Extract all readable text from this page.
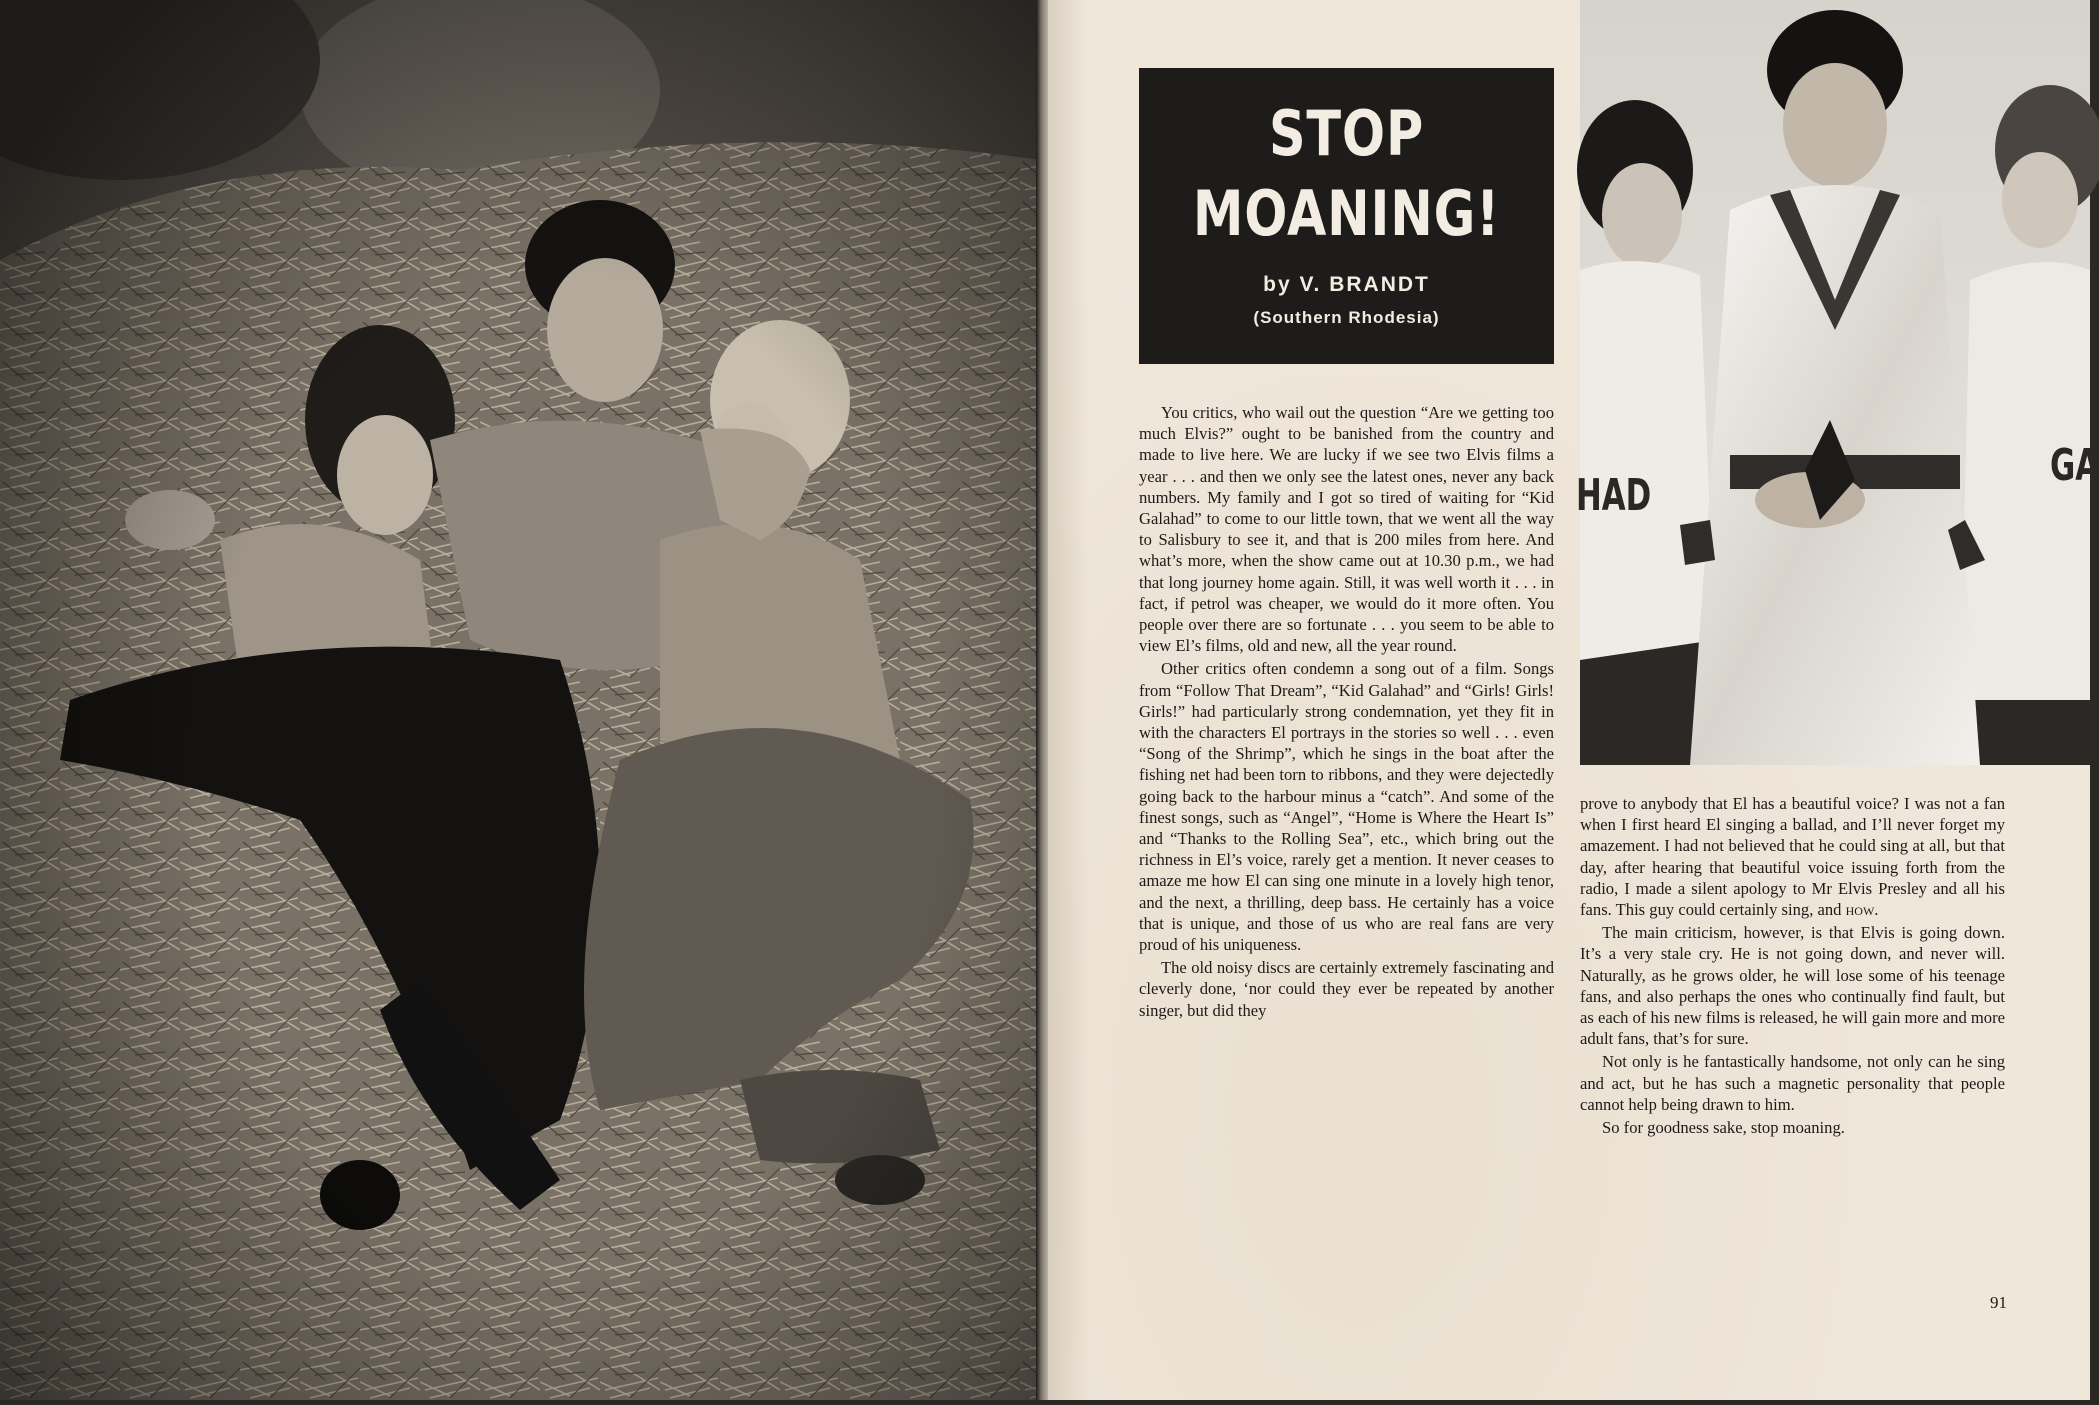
STOP
MOANING!
by V. BRANDT
(Southern Rhodesia)
HAD
GA

You critics, who wail out the question “Are we getting too much Elvis?” ought to be banished from the country and made to live here. We are lucky if we see two Elvis films a year . . . and then we only see the latest ones, never any back numbers. My family and I got so tired of waiting for “Kid Galahad” to come to our little town, that we went all the way to Salisbury to see it, and that is 200 miles from here. And what’s more, when the show came out at 10.30 p.m., we had that long journey home again. Still, it was well worth it . . . in fact, if petrol was cheaper, we would do it more often. You people over there are so fortunate . . . you seem to be able to view El’s films, old and new, all the year round.

Other critics often condemn a song out of a film. Songs from “Follow That Dream”, “Kid Galahad” and “Girls! Girls! Girls!” had particularly strong condemnation, yet they fit in with the characters El portrays in the stories so well . . . even “Song of the Shrimp”, which he sings in the boat after the fishing net had been torn to ribbons, and they were dejectedly going back to the harbour minus a “catch”. And some of the finest songs, such as “Angel”, “Home is Where the Heart Is” and “Thanks to the Rolling Sea”, etc., which bring out the richness in El’s voice, rarely get a mention. It never ceases to amaze me how El can sing one minute in a lovely high tenor, and the next, a thrilling, deep bass. He certainly has a voice that is unique, and those of us who are real fans are very proud of his uniqueness.

The old noisy discs are certainly extremely fascinating and cleverly done, ‘nor could they ever be repeated by another singer, but did they

prove to anybody that El has a beautiful voice? I was not a fan when I first heard El singing a ballad, and I’ll never forget my amazement. I had not believed that he could sing at all, but that day, after hearing that beautiful voice issuing forth from the radio, I made a silent apology to Mr Elvis Presley and all his fans. This guy could certainly sing, and how.

The main criticism, however, is that Elvis is going down. It’s a very stale cry. He is not going down, and never will. Naturally, as he grows older, he will lose some of his teenage fans, and also perhaps the ones who continually find fault, but as each of his new films is released, he will gain more and more adult fans, that’s for sure.

Not only is he fantastically handsome, not only can he sing and act, but he has such a magnetic personality that people cannot help being drawn to him.

So for goodness sake, stop moaning.

91
